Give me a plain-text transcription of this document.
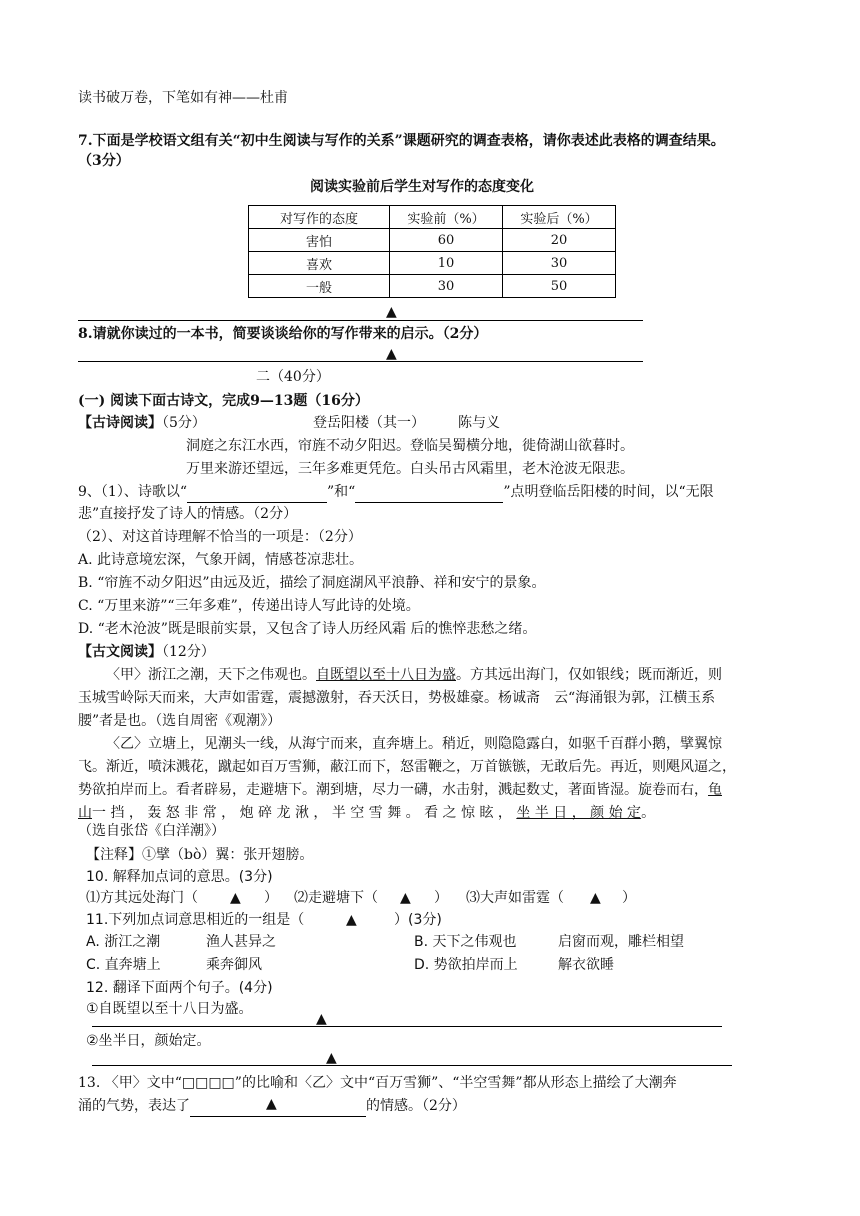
读书破万卷，下笔如有神——杜甫
7.下面是学校语文组有关“初中生阅读与写作的关系”课题研究的调查表格，请你表述此表格的调查结果。
（3分）
阅读实验前后学生对写作的态度变化
对写作的态度	实验前（%）	实验后（%）
害怕	60	20
喜欢	10	30
一般	30	50
▲
8.请就你读过的一本书，简要谈谈给你的写作带来的启示。（2分）
▲
二（40分）
(一) 阅读下面古诗文，完成9—13题（16分）
【古诗阅读】（5分）	登岳阳楼（其一） 陈与义
洞庭之东江水西，帘旌不动夕阳迟。登临吴蜀横分地，徙倚湖山欲暮时。
万里来游还望远，三年多难更凭危。白头吊古风霜里，老木沧波无限悲。
9、（1）、诗歌以“	”和“	”点明登临岳阳楼的时间，以“无限
悲”直接抒发了诗人的情感。（2分）
（2）、对这首诗理解不恰当的一项是：（2分）
A. 此诗意境宏深，气象开阔，情感苍凉悲壮。
B. “帘旌不动夕阳迟”由远及近，描绘了洞庭湖风平浪静、祥和安宁的景象。
C. “万里来游”“三年多难”，传递出诗人写此诗的处境。
D. “老木沧波”既是眼前实景，又包含了诗人历经风霜 后的憔悴悲愁之绪。
【古文阅读】（12分）
〈甲〉浙江之潮，天下之伟观也。自既望以至十八日为盛。方其远出海门，仅如银线；既而渐近，则
玉城雪岭际天而来，大声如雷霆，震撼激射，吞天沃日，势极雄豪。杨诚斋　云“海涌银为郭，江横玉系
腰”者是也。（选自周密《观潮》）
〈乙〉立塘上，见潮头一线，从海宁而来，直奔塘上。稍近，则隐隐露白，如驱千百群小鹅，擘翼惊
飞。渐近，喷沫溅花，蹴起如百万雪狮，蔽江而下，怒雷鞭之，万首镞镞，无敢后先。再近，则飓风逼之，
势欲拍岸而上。看者辟易，走避塘下。潮到塘，尽力一礴，水击射，溅起数丈，著面皆湿。旋卷而右，龟
山一 挡 ， 轰 怒 非 常 ， 炮 碎 龙 湫 ， 半 空 雪 舞 。 看 之 惊 眩 ， 坐 半 日 ， 颜 始 定。
（选自张岱《白洋潮》）
【注释】①擘（bò）翼：张开翅膀。
10. 解释加点词的意思。(3分)
⑴方其远处海门（ ▲ ） ⑵走避塘下（ ▲ ） ⑶大声如雷霆（ ▲ ）
11.下列加点词意思相近的一组是（	▲	）(3分)
A. 浙江之潮	渔人甚异之	B. 天下之伟观也	启窗而观，雕栏相望
C. 直奔塘上	乘奔御风	D. 势欲拍岸而上	解衣欲睡
12. 翻译下面两个句子。(4分)
①自既望以至十八日为盛。
▲
②坐半日，颜始定。
▲
13. 〈甲〉文中“□□□□”的比喻和〈乙〉文中“百万雪狮”、“半空雪舞”都从形态上描绘了大潮奔
涌的气势，表达了	▲	的情感。（2分）
